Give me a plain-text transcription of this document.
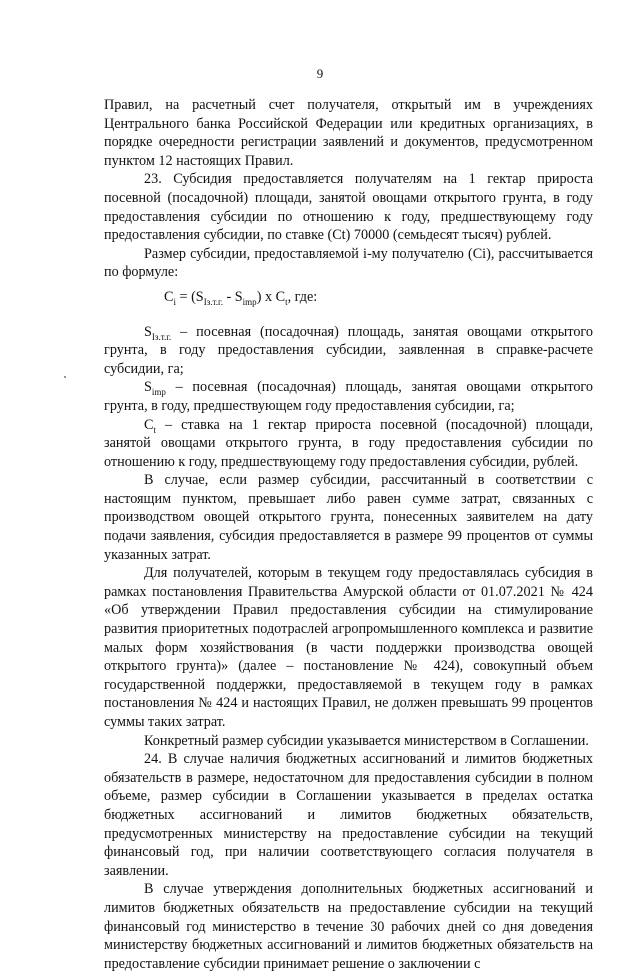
9

Правил, на расчетный счет получателя, открытый им в учреждениях Центрального банка Российской Федерации или кредитных организациях, в порядке очередности регистрации заявлений и документов, предусмотренном пунктом 12 настоящих Правил.

23. Субсидия предоставляется получателям на 1 гектар прироста посевной (посадочной) площади, занятой овощами открытого грунта, в году предоставления субсидии по отношению к году, предшествующему году предоставления субсидии, по ставке (Сt) 70000 (семьдесят тысяч) рублей.

Размер субсидии, предоставляемой i-му получателю (Сi), рассчитывается по формуле:

$С_i = (S_{Iз.т.г.} - S_{imp})$ х $С_t$, где:

$S_{Iз.т.г.}$ – посевная (посадочная) площадь, занятая овощами открытого грунта, в году предоставления субсидии, заявленная в справке-расчете субсидии, га;

$S_{imp}$ – посевная (посадочная) площадь, занятая овощами открытого грунта, в году, предшествующем году предоставления субсидии, га;

$С_t$ – ставка на 1 гектар прироста посевной (посадочной) площади, занятой овощами открытого грунта, в году предоставления субсидии по отношению к году, предшествующему году предоставления субсидии, рублей.

В случае, если размер субсидии, рассчитанный в соответствии с настоящим пунктом, превышает либо равен сумме затрат, связанных с производством овощей открытого грунта, понесенных заявителем на дату подачи заявления, субсидия предоставляется в размере 99 процентов от суммы указанных затрат.

Для получателей, которым в текущем году предоставлялась субсидия в рамках постановления Правительства Амурской области от 01.07.2021 № 424 «Об утверждении Правил предоставления субсидии на стимулирование развития приоритетных подотраслей агропромышленного комплекса и развитие малых форм хозяйствования (в части поддержки производства овощей открытого грунта)» (далее – постановление № 424), совокупный объем государственной поддержки, предоставляемой в текущем году в рамках постановления № 424 и настоящих Правил, не должен превышать 99 процентов суммы таких затрат.

Конкретный размер субсидии указывается министерством в Соглашении.

24. В случае наличия бюджетных ассигнований и лимитов бюджетных обязательств в размере, недостаточном для предоставления субсидии в полном объеме, размер субсидии в Соглашении указывается в пределах остатка бюджетных ассигнований и лимитов бюджетных обязательств, предусмотренных министерству на предоставление субсидии на текущий финансовый год, при наличии соответствующего согласия получателя в заявлении.

В случае утверждения дополнительных бюджетных ассигнований и лимитов бюджетных обязательств на предоставление субсидии на текущий финансовый год министерство в течение 30 рабочих дней со дня доведения министерству бюджетных ассигнований и лимитов бюджетных обязательств на предоставление субсидии принимает решение о заключении с
